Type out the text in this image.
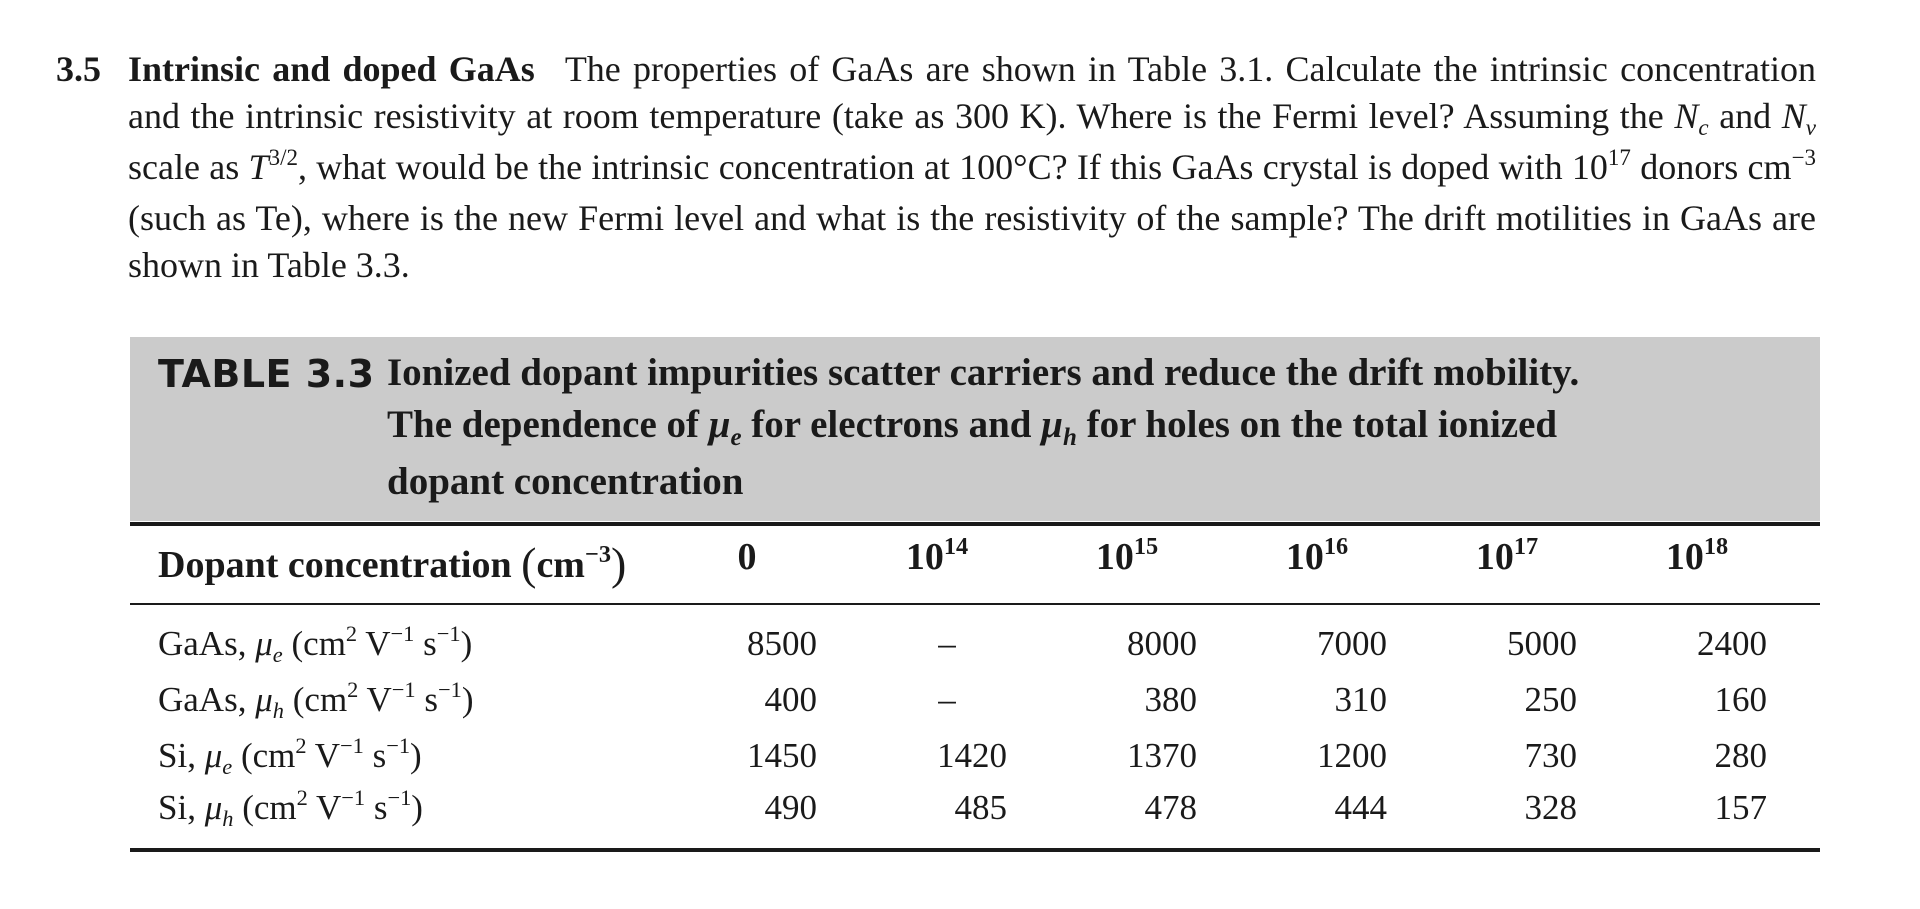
3.5 Intrinsic and doped GaAs The properties of GaAs are shown in Table 3.1. Calculate the intrinsic concentration and the intrinsic resistivity at room temperature (take as 300 K). Where is the Fermi level? Assuming the $N_c$ and $N_v$ scale as $T^{3/2}$, what would be the intrinsic concentration at 100°C? If this GaAs crystal is doped with $10^{17}$ donors $cm^{-3}$ (such as Te), where is the new Fermi level and what is the resistivity of the sample? The drift motilities in GaAs are shown in Table 3.3.
TABLE 3.3 Ionized dopant impurities scatter carriers and reduce the drift mobility.
The dependence of $\mu_e$ for electrons and $\mu_h$ for holes on the total ionized
dopant concentration
Dopant concentration $(cm^{-3})$	0	$10^{14}$	$10^{15}$	$10^{16}$	$10^{17}$	$10^{18}$
GaAs, $\mu_e$ ($cm^2$ $V^{-1}$ $s^{-1}$)	8500	–	8000	7000	5000	2400
GaAs, $\mu_h$ ($cm^2$ $V^{-1}$ $s^{-1}$)	400	–	380	310	250	160
Si, $\mu_e$ ($cm^2$ $V^{-1}$ $s^{-1}$)	1450	1420	1370	1200	730	280
Si, $\mu_h$ ($cm^2$ $V^{-1}$ $s^{-1}$)	490	485	478	444	328	157
